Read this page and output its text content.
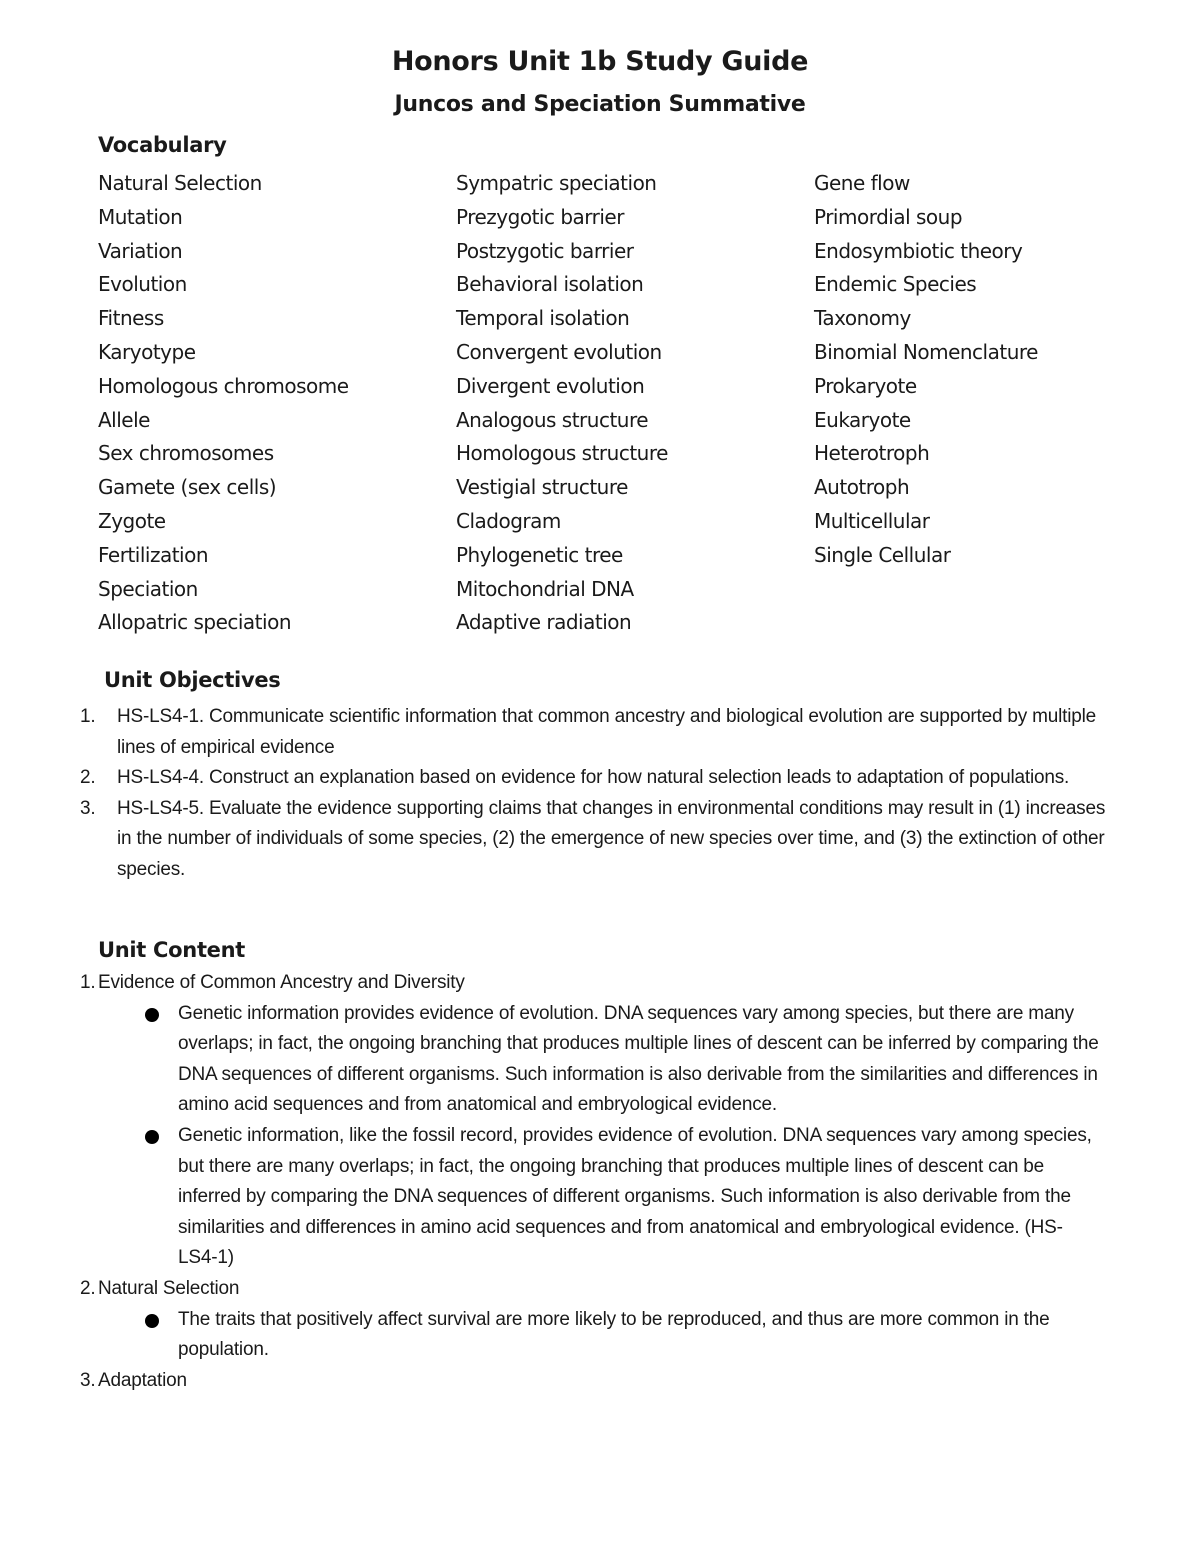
Honors Unit 1b Study Guide
Juncos and Speciation Summative
Vocabulary
Natural Selection
Mutation
Variation
Evolution
Fitness
Karyotype
Homologous chromosome
Allele
Sex chromosomes
Gamete (sex cells)
Zygote
Fertilization
Speciation
Allopatric speciation
Sympatric speciation
Prezygotic barrier
Postzygotic barrier
Behavioral isolation
Temporal isolation
Convergent evolution
Divergent evolution
Analogous structure
Homologous structure
Vestigial structure
Cladogram
Phylogenetic tree
Mitochondrial DNA
Adaptive radiation
Gene flow
Primordial soup
Endosymbiotic theory
Endemic Species
Taxonomy
Binomial Nomenclature
Prokaryote
Eukaryote
Heterotroph
Autotroph
Multicellular
Single Cellular
Unit Objectives
1. HS-LS4-1. Communicate scientific information that common ancestry and biological evolution are supported by multiple lines of empirical evidence
2. HS-LS4-4. Construct an explanation based on evidence for how natural selection leads to adaptation of populations.
3. HS-LS4-5. Evaluate the evidence supporting claims that changes in environmental conditions may result in (1) increases in the number of individuals of some species, (2) the emergence of new species over time, and (3) the extinction of other species.
Unit Content
1. Evidence of Common Ancestry and Diversity
Genetic information provides evidence of evolution. DNA sequences vary among species, but there are many overlaps; in fact, the ongoing branching that produces multiple lines of descent can be inferred by comparing the DNA sequences of different organisms. Such information is also derivable from the similarities and differences in amino acid sequences and from anatomical and embryological evidence.
Genetic information, like the fossil record, provides evidence of evolution. DNA sequences vary among species, but there are many overlaps; in fact, the ongoing branching that produces multiple lines of descent can be inferred by comparing the DNA sequences of different organisms. Such information is also derivable from the similarities and differences in amino acid sequences and from anatomical and embryological evidence. (HS-LS4-1)
2. Natural Selection
The traits that positively affect survival are more likely to be reproduced, and thus are more common in the population.
3. Adaptation
